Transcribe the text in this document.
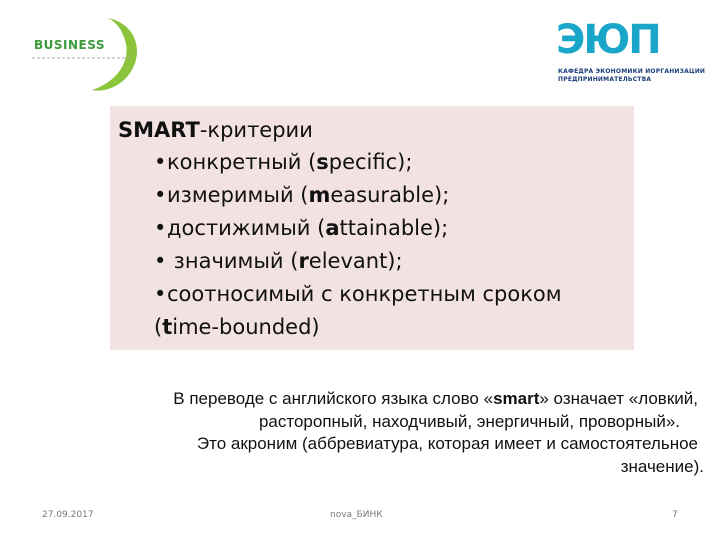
BUSINESS	ЭЮП
КАФЕДРА ЭКОНОМИКИ ИОРГАНИЗАЦИИ
ПРЕДПРИНИМАТЕЛЬСТВА
SMART-критерии
•конкретный (specific);
•измеримый (measurable);
•достижимый (attainable);
• значимый (relevant);
•соотносимый с конкретным сроком
(time-bounded)
В переводе с английского языка слово «smart» означает «ловкий,
расторопный, находчивый, энергичный, проворный».
Это акроним (аббревиатура, которая имеет и самостоятельное
значение).
27.09.2017	nova_БИНК	7
